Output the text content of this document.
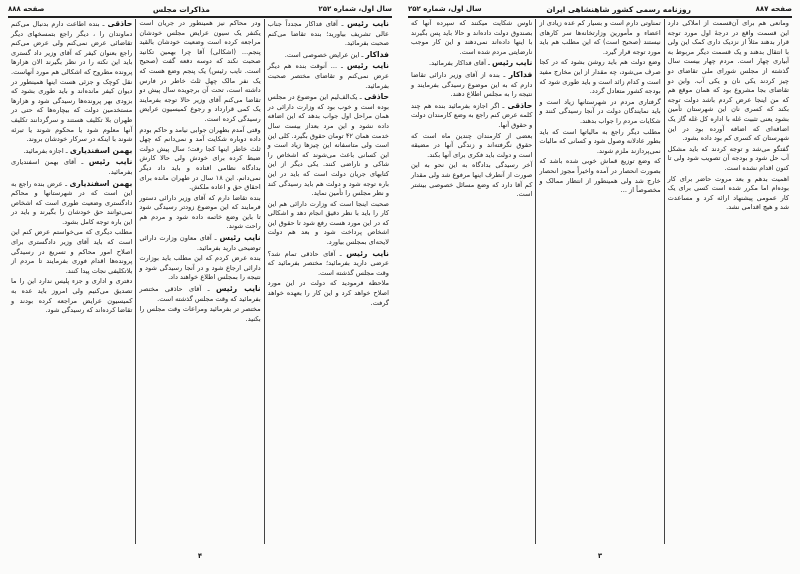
سال اول، شماره ۲۵۲
مذاکرات مجلس
صفحه ۸۸۸

نایب رئیس ـ آقای فداکار مجدداً جناب عالی تشریف بیاورید؛ بنده تقاضا می‌کنم صحبت بفرمائید.

فداکار ـ این عرایض خصوصی است.

نایب رئیس ـ ... آنوقت بنده هم دیگر عرض نمی‌کنم و تقاضای مختصر صحبت بفرمائید.

حاذقی ـ یک‌الف‌لیم این موضوع در مجلس بوده است و خوب بود که وزارت دارائی در همان مراحل اول جواب بدهد که این اضافه داده نشود و این مرد بعداز بیست سال خدمت همان ۴۲ تومان حقوق بگیرد. کلی این است ولی متاسفانه این چیزها زیاد است و این کسانی باعث می‌شوند که اشخاص را شاکی و ناراضی کنند. یکی دیگر از این کتابهای جریان دولت است که باید در این باره توجه شود و دولت هم باید رسیدگی کند و نظر مجلس را تأمین نماید.

صحبت اینجا است که وزارت دارائی هم این کار را باید با نظر دقیق انجام دهد و اشکالی که در این مورد هست رفع شود تا حقوق این اشخاص پرداخت شود و بعد هم دولت لایحه‌ای بمجلس بیاورد.

نایب رئیس ـ آقای حاذقی تمام شد؟ عرضی دارید بفرمائید؛ مختصر بفرمائید که وقت مجلس گذشته است.

ملاحظه فرمودید که دولت در این مورد اصلاح خواهد کرد و این کار را بعهده خواهد گرفت.

ودر محاکم نیز همینطور در جریان است یکنفر یک سیون عرایض مجلس خودشان مراجعه کرده است وضعیت خودشان بالقید پنجم... (اشکالی) آقا چرا بهمین تکانید صحبت نکند که دوسه دفعه گفت (صحیح است. نایب رئیس) یک پنجم وضع هست که یک نفر مالک چهل ثلث خاطر در فارس داشته است، تحت آن برجویده سال پیش دو تقاضا می‌کنم آقای وزیر حالا توجه بفرمایند یک کمی قرارداد و رجوع کمیسیون عرایض رسیدگی کرده است.

وقتی آمدم بطهران جوابی نیامد و حاکم بودم داده دوباره شکایت آمد و نمی‌دانم که چهل ثلث خاطر اینها کجا رفت؛ سال پیش دولت ضبط کرده برای خودش ولی حالا کارش بدادگاه نظامی افتاده و باید داد دیگر نمی‌دانم. این ۱۸ سال در طهران مانده برای احقاق حق و اعاده ملکش.

بنده تقاضا دارم که آقای وزیر دارائی دستور فرمایند که این موضوع زودتر رسیدگی شود تا باین وضع خاتمه داده شود و مردم هم راحت شوند.

نایب رئیس ـ آقای معاون وزارت دارائی توضیحی دارید بفرمائید.

بنده عرض کردم که این مطلب باید بوزارت دارائی ارجاع شود و در آنجا رسیدگی شود و نتیجه را بمجلس اطلاع خواهند داد.

نایب رئیس ـ آقای حاذقی مختصر بفرمائید که وقت مجلس گذشته است.

مختصر تر بفرمائید ومراعات وقت مجلس را بکنید.

حاذقی ـ بنده اطاعت دارم بدنبال می‌کنم دماوندان را ، دیگر راجع بتمسخهای دیگر تقاضائی عرض نمی‌کنم ولی عرض می‌کنم راجع بعنوان کیفر که آقای وزیر داد گستری باید این نکته را در نظر بگیرند الان هزارها پرونده مطروح که اشکالی هم مورد آنهاست. نقل کوچک و جزئی هست اینها همینطور در دیوان کیفر مانده‌اند و باید طوری بشود که بزودی بهر پرونده‌ها رسیدگی شود و هزارها مستخدمین دولت که بیچاره‌ها که حتی در طهران بلا تکلیف هستند و سرگردانند تکلیف آنها معلوم شود یا محکوم شوند یا تبرئه شوند با اینکه در سرکار خودشان بروند.

بهمن اسفندیاری ـ اجازه بفرمائید.

نایب رئیس ـ آقای بهمن اسفندیاری بفرمائید.

بهمن اسفندیاری ـ عرض بنده راجع به این است که در شهرستانها و محاکم دادگستری وضعیت طوری است که اشخاص نمی‌توانند حق خودشان را بگیرند و باید در این باره توجه کامل بشود.

مطلب دیگری که می‌خواستم عرض کنم این است که باید آقای وزیر دادگستری برای اصلاح امور محاکم و تسریع در رسیدگی پرونده‌ها اقدام فوری بفرمایند تا مردم از بلاتکلیفی نجات پیدا کنند.

دفتری و اداری و جزء پلیس ندارد این را ما تصدیق می‌کنیم ولی امروز باید عده به کمیسیون عرایض مراجعه کرده بودند و تقاضا کرده‌اند که رسیدگی شود.

۴
صفحه ۸۸۷
روزنامه رسمی کشور شاهنشاهی ایران
سال اول، شماره ۲۵۲

ومانعی هم برای آن‌قسمت از املاکی دارد این قسمت واقع در درجهٔ اول مورد توجه قرار بدهند مثلاً از نزدیک داری کمک این ولی با انتقال بدهند و یک قسمت دیگر مربوط به آبیاری چهار است. مردم چهار بیست سال گذشته از مجلس شورای ملی تقاضای دو چیز کردند یکی نان و یکی آب. واین دو تقاضای بجا مشروع بود که همان موقع هم که من اینجا عرض کردم باشد دولت توجه بکند که کسری نان این شهرستان تأمین بشود یعنی تثبیت غله با اداره کل غله گاز یک اضافه‌ای که اضافه آورده بود در این شهرستان که کسری کم بود داده بشود.

گفتگو می‌شد و توجه کردند که باید مشکل آب حل شود و بودجه آن تصویب شود ولی تا کنون اقدام نشده است.

اهمیت بدهم و بعد مروت حاضر برای کار بوده‌ام اما مکرر شده است کسی برای یک کار عمومی پیشنهاد ارائه کرد و مساعدت شد و هیچ اقدامی نشد.

تمناوتی دارم است و بسیار کم عده زیادی از اعضاء و مأمورین وزارتخانه‌ها سر کارهای نیستند (صحیح است) که این مطلب هم باید مورد توجه قرار گیرد.

وضع دولت هم باید روشن بشود که در کجا صرف می‌شود، چه مقدار از این مخارج مفید است و کدام زائد است و باید طوری شود که بودجه کشور متعادل گردد.

گرفتاری مردم در شهرستانها زیاد است و باید نمایندگان دولت در آنجا رسیدگی کنند و شکایات مردم را جواب بدهند.

مطلب دیگر راجع به مالیاتها است که باید بطور عادلانه وصول شود و کسانی که مالیات نمی‌پردازند ملزم شوند.

که وضع توزیع قماش خوبی شده باشد که بصورت انحصار در آمده واخیراً مجوز انحصار خارج شد ولی همینطور از انتظار ممالک و مخصوصاً از ...

ناوس شکایت میکنند که سپرده آنها که بصندوق دولت داده‌اند و حالا باید پس بگیرند با اینها داده‌اند نمی‌دهند و این کار موجب نارضایتی مردم شده است.

نایب رئیس ـ آقای فداکار بفرمائید.

فداکار ـ بنده از آقای وزیر دارائی تقاضا دارم که به این موضوع رسیدگی بفرمایند و نتیجه را به مجلس اطلاع دهند.

حاذقی ـ اگر اجازه بفرمائید بنده هم چند کلمه عرض کنم راجع به وضع کارمندان دولت و حقوق آنها.

بعضی از کارمندان چندین ماه است که حقوق نگرفته‌اند و زندگی آنها در مضیقه است و دولت باید فکری برای آنها بکند.

آخر رسیدگی بدادگاه به این نحو به این صورت از آنطرف اینها مرفوع شد ولی مقدار کم آقا دارد که وضع مسائل خصوصی بیشتر است.

۳
